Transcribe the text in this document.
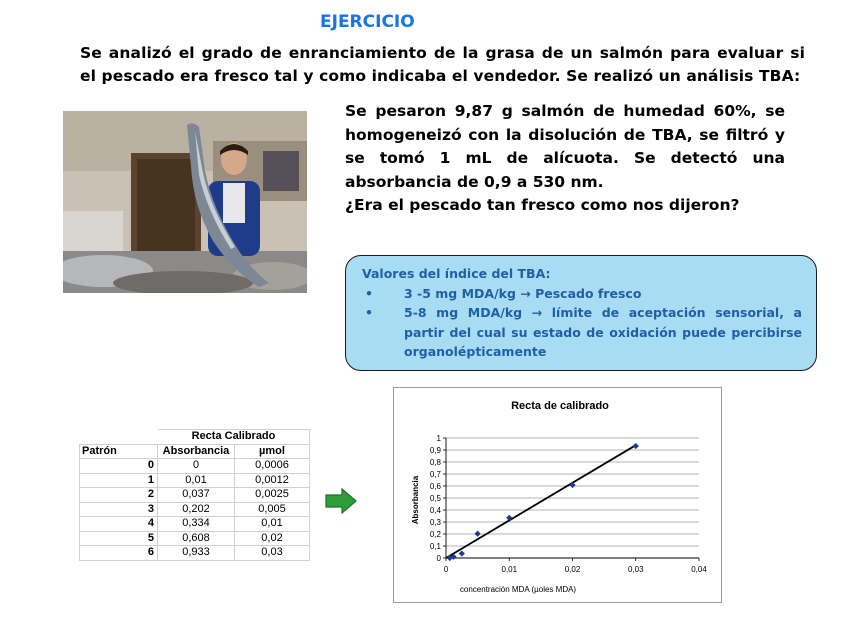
EJERCICIO
Se analizó el grado de enranciamiento de la grasa de un salmón para evaluar si el pescado era fresco tal y como indicaba el vendedor. Se realizó un análisis TBA:

Se pesaron 9,87 g salmón de humedad 60%, se homogeneizó con la disolución de TBA, se filtró y se tomó 1 mL de alícuota. Se detectó una absorbancia de 0,9 a 530 nm.

¿Era el pescado tan fresco como nos dijeron?

Valores del índice del TBA:

• 3 -5 mg MDA/kg → Pescado fresco
• 5-8 mg MDA/kg → límite de aceptación sensorial, a partir del cual su estado de oxidación puede percibirse organolépticamente
	Recta Calibrado	
Patrón	Absorbancia	µmol
0	0	0,0006
1	0,01	0,0012
2	0,037	0,0025
3	0,202	0,005
4	0,334	0,01
5	0,608	0,02
6	0,933	0,03
Recta de calibrado
concentración MDA (µoles MDA)
Absorbancia
0
0,1
0,2
0,3
0,4
0,5
0,6
0,7
0,8
0,9
1
0	0,01	0,02	0,03	0,04
